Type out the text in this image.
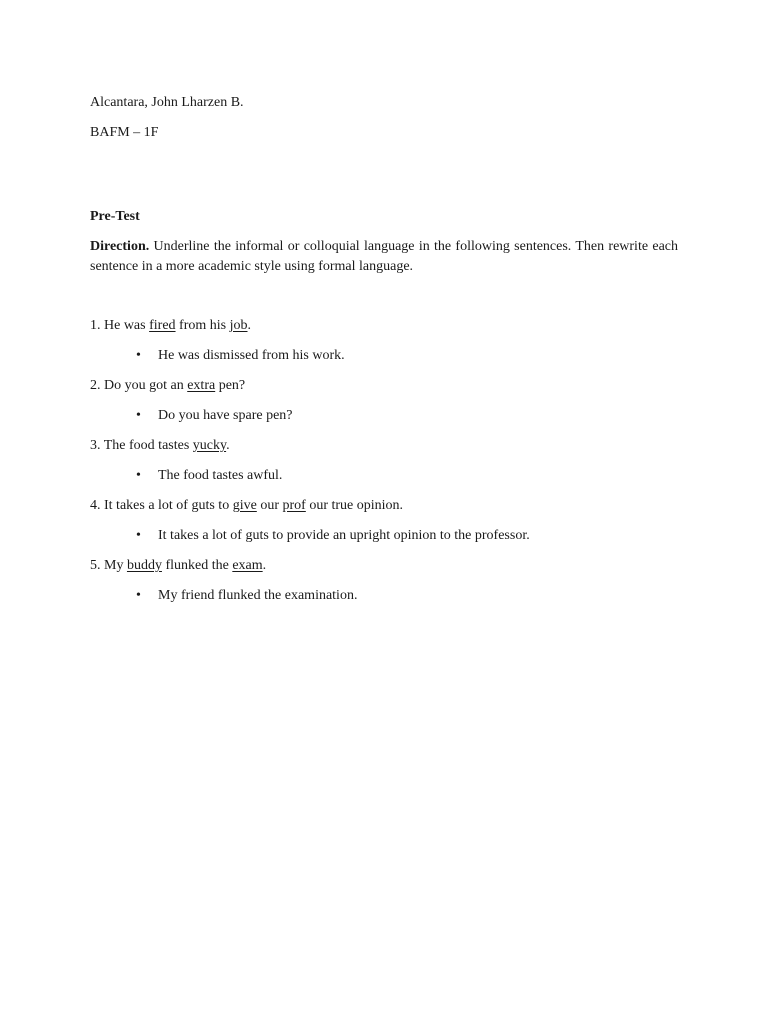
Alcantara, John Lharzen B.

BAFM – 1F

Pre-Test

Direction. Underline the informal or colloquial language in the following sentences. Then rewrite each sentence in a more academic style using formal language.

1. He was fired from his job.

• He was dismissed from his work.

2. Do you got an extra pen?

• Do you have spare pen?

3. The food tastes yucky.

• The food tastes awful.

4. It takes a lot of guts to give our prof our true opinion.

• It takes a lot of guts to provide an upright opinion to the professor.

5. My buddy flunked the exam.

• My friend flunked the examination.
